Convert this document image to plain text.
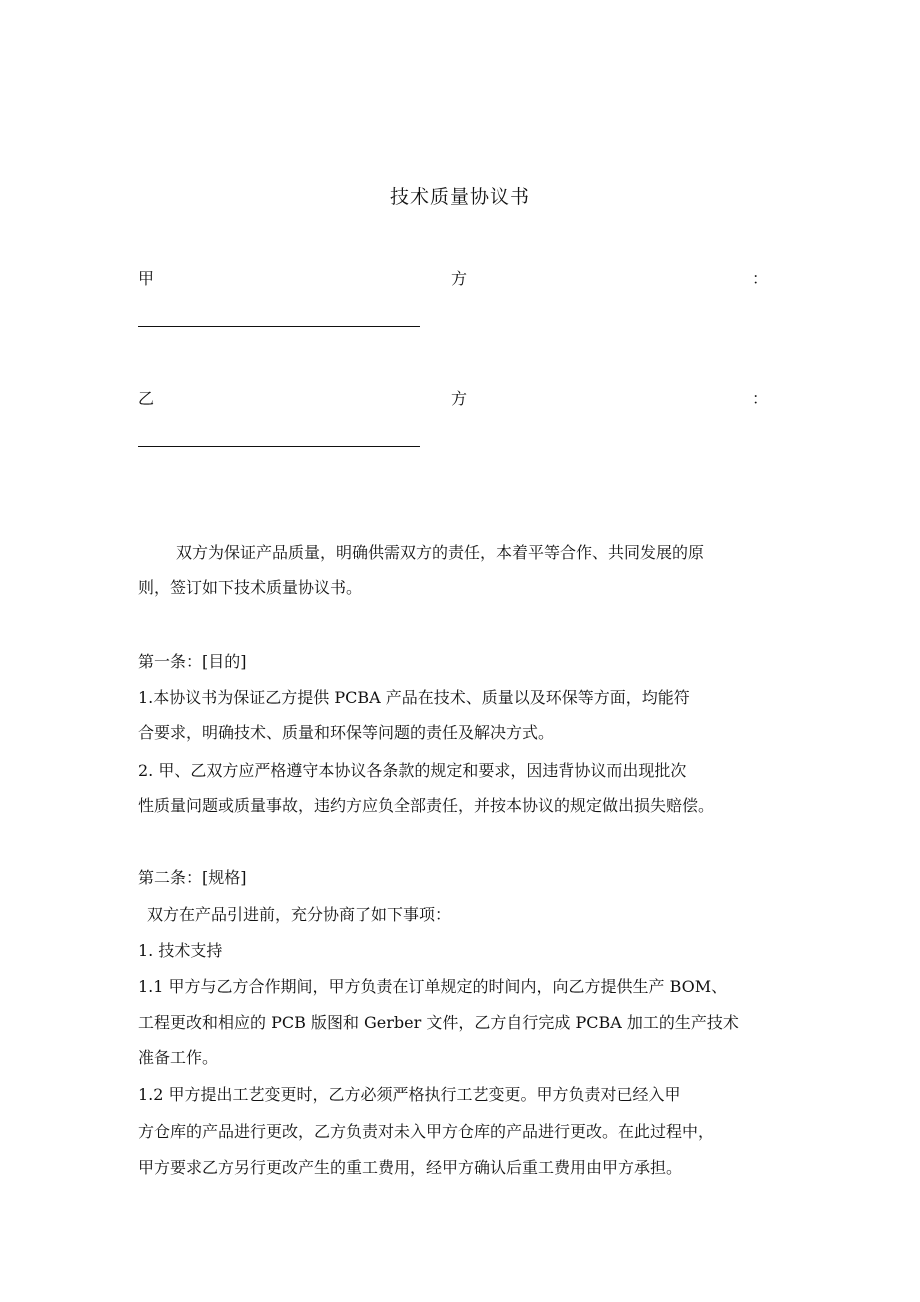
技术质量协议书
甲	方	：
乙	方	：
双方为保证产品质量，明确供需双方的责任，本着平等合作、共同发展的原
则，签订如下技术质量协议书。
第一条：[目的]
1.本协议书为保证乙方提供 PCBA 产品在技术、质量以及环保等方面，均能符
合要求，明确技术、质量和环保等问题的责任及解决方式。
2. 甲、乙双方应严格遵守本协议各条款的规定和要求，因违背协议而出现批次
性质量问题或质量事故，违约方应负全部责任，并按本协议的规定做出损失赔偿。
第二条：[规格]
双方在产品引进前，充分协商了如下事项：
1. 技术支持
1.1 甲方与乙方合作期间，甲方负责在订单规定的时间内，向乙方提供生产 BOM、
工程更改和相应的 PCB 版图和 Gerber 文件，乙方自行完成 PCBA 加工的生产技术
准备工作。
1.2 甲方提出工艺变更时，乙方必须严格执行工艺变更。甲方负责对已经入甲
方仓库的产品进行更改，乙方负责对未入甲方仓库的产品进行更改。在此过程中，
甲方要求乙方另行更改产生的重工费用，经甲方确认后重工费用由甲方承担。
